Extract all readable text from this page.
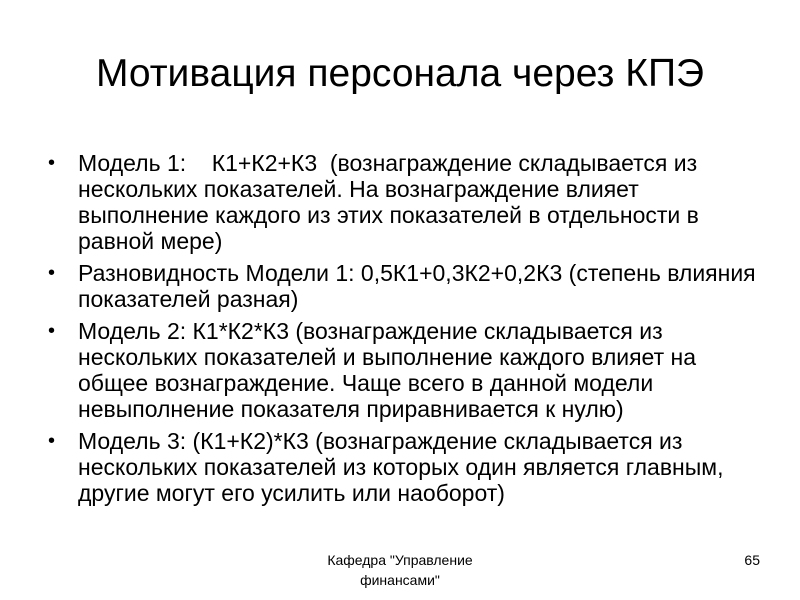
Мотивация персонала через КПЭ
• Модель 1:    К1+К2+К3  (вознаграждение складывается из нескольких показателей. На вознаграждение влияет выполнение каждого из этих показателей в отдельности в равной мере)
• Разновидность Модели 1: 0,5К1+0,3К2+0,2К3 (степень влияния показателей разная)
• Модель 2: К1*К2*К3 (вознаграждение складывается из нескольких показателей и выполнение каждого влияет на общее вознаграждение. Чаще всего в данной модели невыполнение показателя приравнивается к нулю)
• Модель 3: (К1+К2)*К3 (вознаграждение складывается из нескольких показателей из которых один является главным, другие могут его усилить или наоборот)
Кафедра "Управление
финансами"
65
